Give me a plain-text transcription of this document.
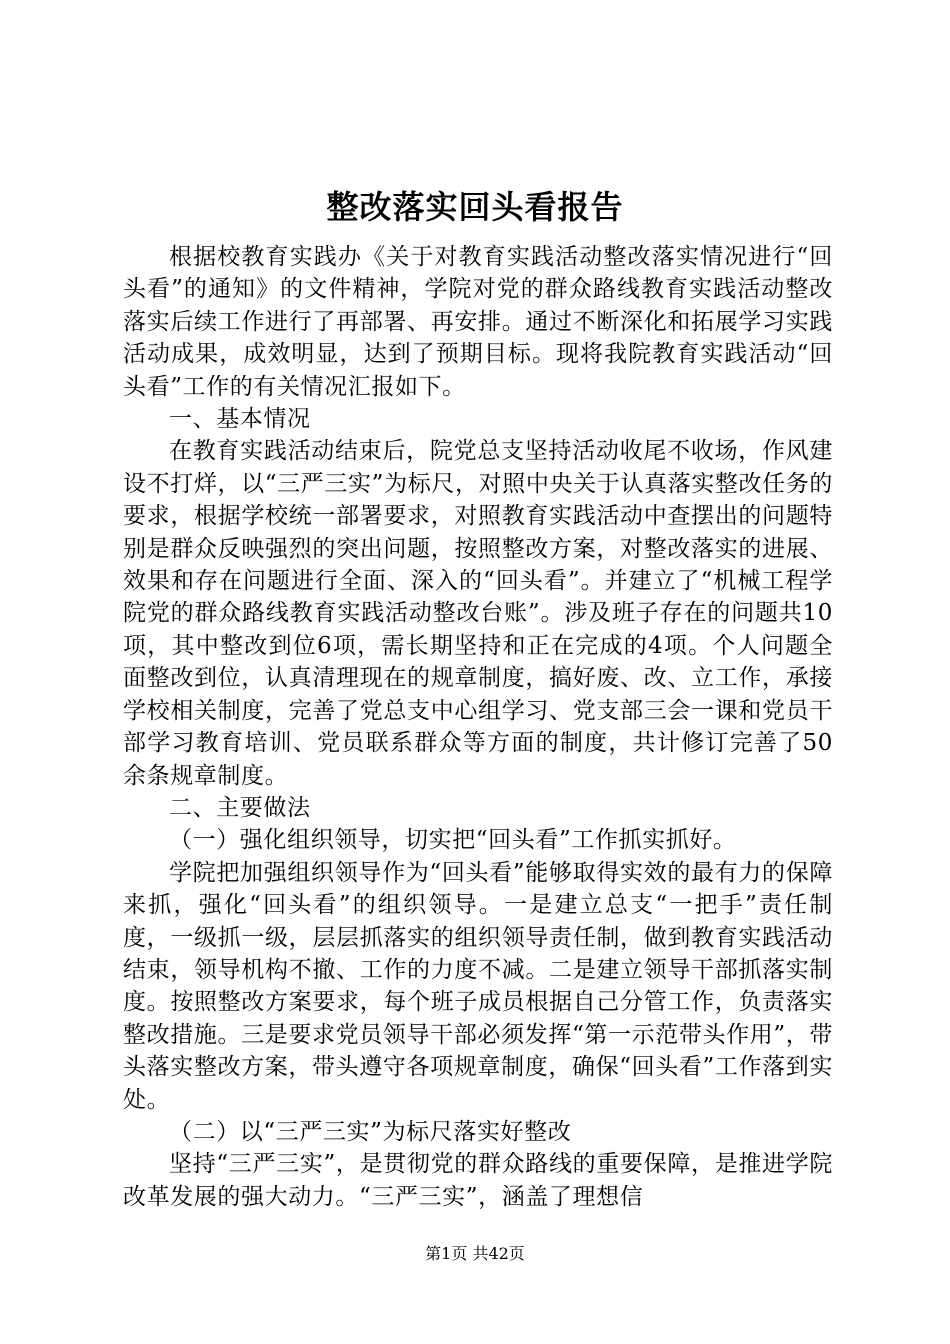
整改落实回头看报告

根据校教育实践办《关于对教育实践活动整改落实情况进行“回头看”的通知》的文件精神，学院对党的群众路线教育实践活动整改落实后续工作进行了再部署、再安排。通过不断深化和拓展学习实践活动成果，成效明显，达到了预期目标。现将我院教育实践活动“回头看”工作的有关情况汇报如下。

一、基本情况

在教育实践活动结束后，院党总支坚持活动收尾不收场，作风建设不打烊，以“三严三实”为标尺，对照中央关于认真落实整改任务的要求，根据学校统一部署要求，对照教育实践活动中查摆出的问题特别是群众反映强烈的突出问题，按照整改方案，对整改落实的进展、效果和存在问题进行全面、深入的“回头看”。并建立了“机械工程学院党的群众路线教育实践活动整改台账”。涉及班子存在的问题共10项，其中整改到位6项，需长期坚持和正在完成的4项。个人问题全面整改到位，认真清理现在的规章制度，搞好废、改、立工作，承接学校相关制度，完善了党总支中心组学习、党支部三会一课和党员干部学习教育培训、党员联系群众等方面的制度，共计修订完善了50余条规章制度。

二、主要做法

（一）强化组织领导，切实把“回头看”工作抓实抓好。

学院把加强组织领导作为“回头看”能够取得实效的最有力的保障来抓，强化“回头看”的组织领导。一是建立总支“一把手”责任制度，一级抓一级，层层抓落实的组织领导责任制，做到教育实践活动结束，领导机构不撤、工作的力度不减。二是建立领导干部抓落实制度。按照整改方案要求，每个班子成员根据自己分管工作，负责落实整改措施。三是要求党员领导干部必须发挥“第一示范带头作用”，带头落实整改方案，带头遵守各项规章制度，确保“回头看”工作落到实处。

（二）以“三严三实”为标尺落实好整改

坚持“三严三实”，是贯彻党的群众路线的重要保障，是推进学院改革发展的强大动力。“三严三实”，涵盖了理想信

第1页 共42页
